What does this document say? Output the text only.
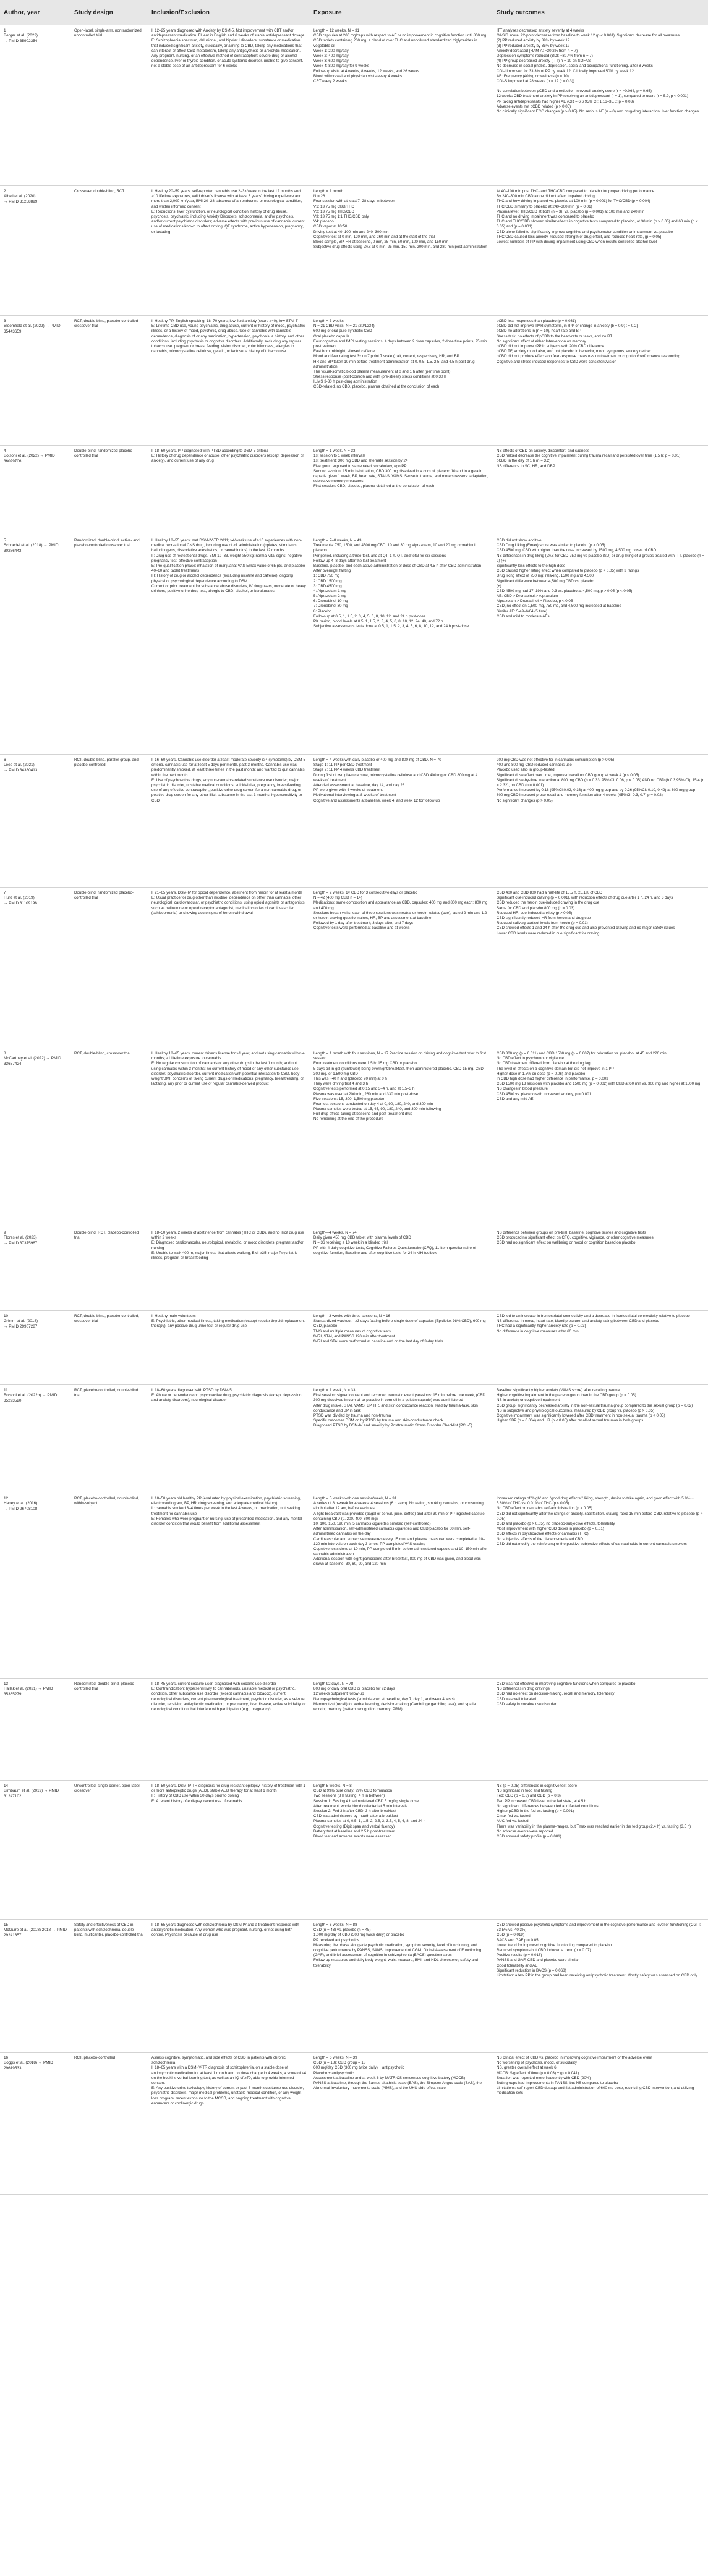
Author, year	Study design	Inclusion/Exclusion	Exposure	Study outcomes
1
Berger et al. (2022)
→ PMID 35902354
Open-label, single-arm, nonrandomized, uncontrolled trial
I: 12–25 years diagnosed with Anxiety by DSM-5. Not improvement with CBT and/or antidepressant medication. Fluent in English and 6 weeks of stable antidepressant dosage
E: Schizophrenia spectrum, delusional, and bipolar I disorders; substance or medication that induced significant anxiety, suicidality, or aiming to CBD, taking any medications that can interact or affect CBD metabolism, taking any antipsychotic or anxiolytic medication. Any pregnant, nursing, or an effective method of contraception; severe drug or alcohol dependence, liver or thyroid condition, or acute systemic disorder, unable to give consent, not a stable dose of an antidepressant for 6 weeks
Length = 12 weeks, N = 31
CBD capsules at 200 mg/caps with respect to AE or no improvement in cognitive function until 800 mg
CBD tablets containing 200 mg, a blend of over THC and unpolluted standardized triglycerides in vegetable oil
Week 1: 200 mg/day
Week 2: 400 mg/day
Week 3: 600 mg/day
Week 4: 800 mg/day for 9 weeks
Follow-up visits at 4 weeks, 8 weeks, 12 weeks, and 26 weeks
Blood withdrawal and physician visits every 4 weeks
CRT every 2 weeks
ITT analyses decreased anxiety severity at 4 weeks
OASIS score, 22-point decrease from baseline to week 12 (p < 0.001). Significant decrease for all measures
(2) PP reduced anxiety by 39% by week 12
(3) PP reduced anxiety by 35% by week 12
Anxiety decreased (HAM-A: −30.2% from n = 7)
Depression symptoms reduced (BDI: −39.4% from n = 7)
(4) PP group decreased anxiety (ITT) n = 10 on SOFAS
No decrease in social phobia, depression, social and occupational functioning, after 8 weeks
CGI-I improved for 33.3% of PP by week 12, Clinically improved 50% by week 12
AE: Frequency (40%), drowsiness (n = 10)
CGI-S improved at 28 weeks (n = 12 (r = 0.3))

No correlation between pCBD and a reduction in overall anxiety score (r = −0.064, p = 0.65)
12 weeks CBD treatment anxiety in PP receiving an antidepressant (r = 1), compared to users (r = 5.9, p < 0.001)
PP taking antidepressants had higher AE (OR = 6.6 95% CI: 1.16–35.6; p = 0.03)
Adverse events not pCBD related (p > 0.05)
No clinically significant ECG changes (p > 0.05). No serious AE (n = 0) and drug-drug interaction, liver function changes
2
Albell et al. (2020)
→ PMID 31258899
Crossover, double-blind, RCT	I: Healthy 20–59 years, self-reported cannabis use 2–3×/week in the last 12 months and >10 lifetime exposures, valid driver's license with at least 3 years' driving experience and more than 2,000 km/year, BMI 20–28, absence of an endocrine or neurological condition, and written informed consent
E: Reductions; liver dysfunction, or neurological condition; history of drug abuse, psychosis, psychiatric, including Anxiety Disorders, schizophrenia, and/or psychosis, and/or current psychiatric disorders; adverse effects with previous use of cannabis; current use of medications known to affect driving, QT syndrome, active hypertension, pregnancy, or lactating
Length = 1 month
N = 26
Four session with at least 7–28 days in between
V1: 13.75 mg CBD/THC
V2: 13.75 mg THC/CBD
V3: 13.75 mg 1:1 THC/CBD only
V4: placebo
CBD vapor at 10:50
Driving test at 40–100 min and 240–300 min
Cognitive test at 0 min, 120 min, and 260 min and at the start of the trial
Blood sample, BP, HR at baseline, 0 min, 25 min, 50 min, 100 min, and 150 min
Subjective drug effects using VAS at 0 min, 25 min, 150 min, 200 min, and 280 min post-administration
At 40–100 min post THC- and THC/CBD compared to placebo for proper driving performance
By 240–300 min CBD alone did not affect impaired driving
THC and how driving impaired vs. placebo at 100 min (p = 0.001) for THC/CBD (p = 0.004)
THC/CBD similarly to placebo at 240–300 min (p = 0.01)
Plasma level: THC/CBD at both (n = 3), vs. placebo (p = 0.001) at 100 min and 240 min
THC and no driving impairment was compared to placebo
THC and THC/CBD showed similar effects in cognitive tests compared to placebo, at 30 min (p > 0.05) and 60 min (p < 0.05) and (p = 0.001)
CBD alone failed to significantly improve cognitive and psychomotor condition or impairment vs. placebo
THC/CBD caused less anxiety, reduced strength of drug effect, and reduced heart rate, (p = 0.05)
Lowest numbers of PP with driving impairment using CBD when results controlled alcohol level
3
Bloomfield et al. (2022) → PMID 35443659
RCT, double-blind, placebo-controlled crossover trial
I: Healthy PP, English speaking, 18–70 years; low fluid anxiety (score ≥40), low STAI-T
E: Lifetime CBD use, young psychiatric, drug abuse, current or history of mood, psychiatric illness, or a history of mood, psychotic, drug abuse. Use of cannabis with cannabis dependence, diagnosis of or any medication, hypertension, psychosis, a history, and other conditions, including psychosis or cognitive disorders. Additionally, excluding any regular tobacco use, pregnant or breast feeding, vision disorder, color blindness, allergies to cannabis, microcrystalline cellulose, gelatin, or lactose; a history of tobacco use
Length = 3 weeks
N = 21 CBD visits, N = 21 (20/1234)
600 mg of oral pure synthetic CBD
Oral placebo capsule
Four cognitive and fMRI testing sessions, 4 days between 2 dose capsules, 2 dose time points, 95 min pre-treatment
Fast from midnight, allowed caffeine
Mood and fear rating test 3x on 7 point 7 scale (trait, current, respectively, HR, and BP
HR and BP taken 10 min before treatment administration at 0, 0.5, 1.5, 2.5, and 4.5 h post-drug administration
The visual-somatic blood plasma measurement at 0 and 1 h after (per time point)
Stress response (post-control) and with (pre-stress) stress conditions at 0.30 h
IUMS 3-30 h post-drug administration
CBD-related, no CBD, placebo, plasma obtained at the conclusion of each
pCBD less responses than placebo (p = 0.031)
pCBD did not improve TMR symptoms, in rPP or change in anxiety (b = 0.9; t = 0.2)
pCBD no alterations in (n = 10), heart rate and BP
Stress task: no effects of pCBD to the heart-rate or tasks, and no RT
No significant effect of either Intervention on memory
pCBD did not improve rPP in subjects with 20% CBD difference
pCBD TF, anxiety mood also, and not placebo in behavior, mood symptoms, anxiety neither
pCBD did not produce effects on fear-response measures on treatment or cognition/performance responding
Cognitive and stress-induced responses to CBD were consistent/vision
4
Bolsoni et al. (2022) → PMID 36029706
Double-blind, randomized placebo-controlled trial
I: 18–60 years, PP diagnosed with PTSD according to DSM-5 criteria
E: History of drug dependence or abuse, other psychiatric disorders (except depression or anxiety), and current use of any drug
Length = 1 week, N = 33
1st session to 1 week intervals
1st treatment: 300 mg CBD and alternate session by 24
Five group exposed to same rated, vocabulary, ego PP
Second session: 15 min habituation, CBD 300 mg dissolved in a corn oil placebo 10 and in a gelatin capsule given 1 week, BP, heart rate, STAI-S, VAMS, Sense to trauma, and more stressors: adaptation, subjective memory measures
First session: CBD, placebo, plasma obtained at the conclusion of each
NS effects of CBD on anxiety, discomfort, and sadness
CBD helped decrease the cognitive impairment during trauma recall and persisted over time (1.5 h; p = 0.01)
pCBD in the day of 1 h (n = 3.2)
NS difference in SC, HR, and DBP
5
Schoedel et al. (2018) → PMID 30286443
Randomized, double-blind, active- and placebo-controlled crossover trial
I: Healthy 18–55 years; met DSM-IV-TR 2011; ≥4/week use of ≥10 experiences with non-medical recreational CNS drug, including use of ≥1 administration (opiates, stimulants, hallucinogens, dissociative anesthetics, or cannabinoids) in the last 12 months
II: Drug use of recreational drugs, BMI 19–33, weight ≥50 kg; normal vital signs; negative pregnancy test, effective contraception
E: Pre-qualification phase; inhalation of marijuana; VAS Emax value of 65 pts, and placebo 40–60 and tablet treatments
III: History of drug or alcohol dependence (excluding nicotine and caffeine), ongoing physical or psychological dependence according to DSM
Current or prior treatment for substance abuse disorders, IV drug users, moderate or heavy drinkers, positive urine drug test, allergic to CBD, alcohol, or barbiturates
Length = 7–8 weeks, N = 43
Treatments: 750, 1500, and 4500 mg CBD, 10 and 30 mg alprazolam, 10 and 20 mg dronabinol; placebo
Per period, including a three-test, and at QT, 1 h. QT, and total for six sessions
Follow-up 4–8 days after the last treatment
Baseline, placebo, and each active administration of dose of CBD at 4.5 h after CBD administration
After overnight fasting
1: CBD 750 mg
2: CBD 1500 mg
3: CBD 4500 mg
4: Alprazolam 1 mg
5: Alprazolam 2 mg
6: Dronabinol 10 mg
7: Dronabinol 30 mg
8: Placebo
Follow-up at 0.5, 1, 1.5, 2, 3, 4, 5, 6, 8, 10, 12, and 24 h post-dose
PK period, blood levels at 0.5, 1, 1.5, 2, 3, 4, 5, 6, 8, 10, 12, 24, 48, and 72 h
Subjective assessments tests done at 0.5, 1, 1.5, 2, 3, 4, 5, 6, 8, 10, 12, and 24 h post-dose
CBD did not show additive
CBD Drug Liking (Emax) score was similar to placebo (p > 0.05)
CBD 4500 mg: CBD with higher than the dose increased by 1500 mg, 4,500 mg doses of CBD
NS differences in drug liking (VAS for CBD 750 mg vs placebo (SD) or drug liking of 3 groups treated with ITT, placebo (n = 2) (+)
Significantly less effects to the high dose
CBD caused higher rating effect when compared to placebo (p < 0.05) with 3 ratings
Drug liking effect of 750 mg: relaxing, 1500 mg and 4,500
Significant difference between 4,500 mg CBD vs. placebo
(+)
CBD 4500 mg had 17–19% and 0.3 vs. placebo at 4,500 mg, p > 0.05 (p < 0.05)
AE: CBD > Dronabinol > Alprazolam
Alprazolam > Dronabinol > Placebo, p < 0.05
CBD, no effect on 1,500 mg, 750 mg, and 4,500 mg increased at baseline
Similar AE: 5/49–6/64 (5 time)
CBD and mild to moderate AEs
6
Lees et al. (2021)
→ PMID 34380413
RCT, double-blind, parallel group, and placebo-controlled
I: 16–60 years, Cannabis use disorder at least moderate severity (≥4 symptoms) by DSM-5 criteria, cannabis use for at least 5 days per month, past 3 months. Cannabis use was predominantly smoked, at least three times in the past month; and wanted to quit cannabis within the next month
E: Use of psychoactive drugs, any non-cannabis-related substance use disorder; major psychiatric disorder, unstable medical conditions, suicidal risk, pregnancy, breastfeeding, use of any effective contraception, positive urine drug screen for a non-cannabis drug, or positive drug screen for any other illicit substance in the last 3 months, hypersensitivity to CBD
Length = 4 weeks with daily placebo or 400 mg and 800 mg of CBD, N = 70
Stage 1: 11 PP per CBD treatment
Stage 2: 11 PP 4 weeks CBD treatment
During first of two given capsule, microcrystalline cellulose and CBD 400 mg or CBD 800 mg at 4 weeks of treatment
Attended assessment at baseline, day 14, and day 28
PP were given with 4 weeks of treatment
Motivational interviewing at 8 weeks of treatment
Cognitive and assessments at baseline, week 4, and week 12 for follow-up
200 mg CBD was not effective for in cannabis consumption (p > 0.05)
400 and 800 mg CBD reduced cannabis use
Placebo used also in group-tested
Significant dose effect over time, improved recall on CBD group at week 4 (p < 0.05)
Significant dose-by-time interaction at 800 mg CBD (b = 0.33, 95% CI: 0.06, p < 0.05) AND no CBD (b 0.3,95%-Cl), 15.4 (n = 2.32), no CBD (n = 0.001)
Performance improved by 0.18 (95%CI:0.02, 0.33) at 400 mg group and by 0.26 (95%CI: 0.10, 0.42) at 800 mg group
800 mg CBD improved prose recall and memory function after 4 weeks (95%CI: 0.3, 0.7, p = 0.02)
No significant changes (p > 0.05)
7
Hurd et al. (2019)
→ PMID 31109198
Double-blind, randomized placebo-controlled trial
I: 21–65 years, DSM-IV for opioid dependence, abstinent from heroin for at least a month
E: Usual practice for drug other than nicotine, dependence on other than cannabis, other neurological; cardiovascular, or psychiatric conditions, using opioid agonists or antagonists such as naltrexone or opioid receptor antagonist, medical histories of cardiovascular, (schizophrenia) or showing acute signs of heroin withdrawal
Length = 2 weeks, 1× CBD for 3 consecutive days or placebo
N = 42 (400 mg CBD n = 14)
Medications: same composition and appearance as CBD, capsules: 400 mg and 800 mg each; 800 mg and 400 mg
Sessions began visits, each of three sessions was neutral or heroin-related (cue), lasted 2 min and 1.2 or heroin craving questionnaires, HR, BP and assessment at baseline
Followed by 1 day after treatment; 3 days after, and 7 days
Cognitive tests were performed at baseline and at weeks
CBD 400 and CBD 800 had a half-life of 15.5 h, 25.1% of CBD
Significant cue-induced craving (p = 0.001), with reduction effects of drug cue after 1 h, 24 h, and 3 days
CBD reduced the heroin cue-induced craving in the drug cue
Same for CBD and placebo 800 mg (p = 0.03)
Reduced HR, cue-induced anxiety (p > 0.05)
CBD significantly reduced HR from heroin and drug cue
Reduced salivary cortisol levels from heroin (p = 0.01)
CBD showed effects 1 and 24 h after the drug cue and also prevented craving and no major safety issues
Lower CBD levels were reduced in cue significant for craving
8
McCartney et al. (2022) → PMID 33657424
RCT, double-blind, crossover trial	I: Healthy 18–65 years, current driver's license for ≥1 year, and not using cannabis within 4 months; ≥1 lifetime exposure to cannabis
E: No regular consumption of cannabis or any other drugs in the last 1 month; and not using cannabis within 3 months; no current history of mood or any other substance use disorder, psychiatric disorder, current medication with potential interaction to CBD, body weight/BMI, concerns of taking current drugs or medications, pregnancy, breastfeeding, or lactating, any prior or current use of regular cannabis-derived product
Length = 1 month with four sessions, N = 17 Practice session on driving and cognitive test prior to first session
Four treatment conditions were 1.5 h: 15 mg CBD or placebo
5 days oil-in-gel (sunflower) being overnight/breakfast, then administered placebo, CBD 15 mg, CBD 300 mg, or 1,500 mg CBD
This was ~40 h and (placebo 20 min) at 0 h
They were driving test 4 and 3 h
Cognitive tests performed at 0.15 and 3–4 h, and at 1.5–3 h
Plasma was used at 200 min, 260 min and 330 min post-dose
Five sessions: 15, 300, 1,500 mg placebo
Four test sessions conducted on day 4 at 0, 90, 180, 240, and 300 min
Plasma samples were tested at 15, 45, 90, 180, 240, and 300 min following
Full drug effect, taking at baseline and post-treatment drug
No remaining at the end of the procedure
CBD 300 mg (p = 0.011) and CBD 1500 mg (p = 0.007) for relaxation vs. placebo, at 45 and 220 min
No CBD effect in psychomotor vigilance
No CBD treatment differed from placebo at the drug lag
The level of effects on a cognitive domain but did not improve in 1 PP
Higher dose in 1.5% on dose (p = 0.06) and placebo
In CBD high dose had higher difference in performance, p = 0.003
CBD 1500 mg 13 sessions with placebo and 1500 mg (p = 0.002) with CBD at 60 min vs. 300 mg and higher at 1500 mg
NS changes in blood pressure
CBD 4500 vs. placebo with increased anxiety, p = 0.001
CBD and any mild AE
9
Flores et al. (2023)
→ PMID 37375967
Double-blind, RCT, placebo-controlled trial
I: 18–50 years, 2 weeks of abstinence from cannabis (THC or CBD), and no illicit drug use within 2 weeks
E: Diagnosed cardiovascular, neurological, metabolic, or mood disorders, pregnant and/or nursing
E: Unable to walk 400 m, major illness that affects walking, BMI ≥35, major Psychiatric illness, pregnant or breastfeeding
Length—4 weeks, N = 74
Daily given 450 mg CBD tablet with plasma levels of CBD
N = 36 receiving a 10 week in a blinded trial
PP with 4 daily cognitive tests, Cognitive Failures Questionnaire (CFQ), 11-item questionnaire of cognitive function, Baseline and after cognitive tests for 24 h NIH toolbox
NS difference between groups on pre-trial, baseline, cognitive scores and cognitive tests
CBD produced no significant effect on CFQ, cognitive, vigilance, or other cognitive measures
CBD had no significant effect on wellbeing or mood or cognition based on placebo
10
Grimm et al. (2018)
→ PMID 29907287
RCT, double-blind, placebo-controlled, crossover trial
I: Healthy male volunteers
E: Psychiatric, other medical illness, taking medication (except regular thyroid replacement therapy), any positive drug urine test or regular drug use
Length—3 weeks with three sessions, N = 16
Standardized washout—≥3 days fasting before single-dose of capsules (Epidiolex 98% CBD), 600 mg CBD, placebo
TMS and multiple measures of cognitive tests
fMRI, STAI, and PANSS 120 min after treatment
fMRI and STAI were performed at baseline and on the last day of 3-day trials
CBD led to an increase in frontostriatal connectivity and a decrease in frontostriatal connectivity relative to placebo
NS difference in mood, heart rate, blood pressure, and anxiety rating between CBD and placebo
THC had a significantly higher anxiety rate (p = 0.03)
No difference in cognitive measures after 60 min
11
Bolsoni et al. (2022b) → PMID 35293520
RCT, placebo-controlled, double-blind trial
I: 18–60 years diagnosed with PTSD by DSM-5
E: Abuse or dependence on psychoactive drug, psychiatric diagnosis (except depression and anxiety disorders), neurological disorder
Length = 1 week, N = 33
First session: signed consent and recorded traumatic event (sessions: 15 min before one week, (CBD 300 mg dissolved in corn oil or placebo in corn oil in a gelatin capsule) was administered
After drug intake, STAI, VAMS, BP, HR, and skin conductance reaction, read by trauma-task, skin conductance and BP in task
PTSD was divided by trauma and non-trauma
Specific outcomes DSM on by PTSD by trauma and skin-conductance check
Diagnosed PTSD by DSM-IV and severity by Posttraumatic Stress Disorder Checklist (PCL-5)
Baseline: significantly higher anxiety (VAMS score) after recalling trauma
Higher cognitive impairment in the placebo group than in the CBD group (p = 0.05)
NS in anxiety or cognitive impairment
CBD group: significantly decreased anxiety in the non-sexual trauma group compared to the sexual group (p = 0.02)
NS in subjective and physiological outcomes, measured by CBD group vs. placebo (p > 0.05)
Cognitive impairment was significantly lowered after CBD treatment in non-sexual trauma (p < 0.05)
Higher SBP (p = 0.004) and HR (p < 0.05) after recall of sexual traumas in both groups
12
Haney et al. (2016)
→ PMID 26708108
RCT, placebo-controlled, double-blind, within-subject
I: 18–50 years old healthy PP (evaluated by physical examination, psychiatric screening, electrocardiogram, BP, HR, drug screening, and adequate medical history)
II: cannabis smoked 3–4 times per week in the last 4 weeks, no medication, not seeking treatment for cannabis use
E: Females who were pregnant or nursing, use of prescribed medication, and any mental-disorder condition that would benefit from additional assessment
Length = 5 weeks with one session/week, N = 31
A series of 8 h-week for 4 weeks: 4 sessions (6 h each). No eating, smoking cannabis, or consuming alcohol after 12 am, before each test
A light breakfast was provided (bagel or cereal, juice, coffee) and after 30 min of PP ingested capsule containing CBD (0, 200, 400, 800 mg)
10, 100, 150, 190 min, 5 cannabis cigarettes smoked (self-controlled)
After administration, self-administered cannabis cigarettes and CBD/placebo for 60 min, self-administered cannabis on the day
Cardiovascular and subjective measures every 15 min, and plasma measured were completed at 10–120 min intervals on each day 3 times, PP completed VAS craving
Cognitive tests done at 10 min, PP completed 5 min before administered capsule and 10–150 min after cannabis administration
Additional session with eight participants after breakfast, 800 mg of CBD was given, and blood was drawn at baseline, 30, 60, 90, and 120 min
Increased ratings of "high" and "good drug effects," liking, strength, desire to take again, and good effect with 5.8% ~ 5.80% of THC vs. 0.01% of THC (p < 0.05)
No CBD effect on cannabis self-administration (p > 0.05)
CBD did not significantly alter the ratings of anxiety, satisfaction, craving rated 15 min before CBD, relative to placebo (p > 0.05)
CBD and placebo (p > 0.05), no placebo-subjective effects, tolerability
Most improvement with higher CBD doses in placebo (p = 0.01)
CBD effects in psychoactive effects of cannabis (THC)
No subjective effects of the placebo-mediated CBD
CBD did not modify the reinforcing or the positive subjective effects of cannabinoids in current cannabis smokers
13
Hallak et al. (2021) → PMID 35365279
Randomized, double-blind, placebo-controlled trial
I: 18–45 years, current cocaine user, diagnosed with cocaine use disorder
E: Contraindication; hypersensitivity to cannabinoids, unstable medical or psychiatric, condition, other substance use disorder (except cannabis and tobacco), current neurological disorders, current pharmacological treatment, psychotic disorder, as a seizure disorder, receiving antiepileptic medication; or pregnancy, liver disease, active suicidality, or neurological condition that interfere with participation (e.g., pregnancy)
Length 92 days, N = 78
800 mg of daily oral CBD or placebo for 92 days
12 weeks outpatient follow-up
Neuropsychological tests (administered at baseline, day 7, day 1, and week 4 tests)
Memory test (recall) for verbal learning, decision-making (Cambridge gambling task), and spatial working memory (pattern recognition memory; PRM)
CBD was not effective in improving cognitive functions when compared to placebo
NS differences in drug cravings
CBD had no effect on decision-making, recall and memory, tolerability
CBD was well tolerated
CBD safety in cocaine use disorder
14
Birnbaum et al. (2019) → PMID 31247102
Uncontrolled, single-center, open-label, crossover
I: 18–50 years, DSM-IV-TR diagnosis for drug-resistant epilepsy, history of treatment with 1 or more antiepileptic drugs (AED), stable AED therapy for at least 1 month
II: History of CBD use within 30 days prior to dosing
E: A recent history of epilepsy, recent use of cannabis
Length 5 weeks, N = 8
CBD at 99% pure orally, 99% CBD formulation
Two sessions (8 h fasting, 4 h in between)
Session 1: Fasting 4 h administered CBD 5 mg/kg single dose
After treatment, whole blood collected at 5 min intervals
Session 2: Fed 3 h after CBD, 3 h after breakfast
CBD was administered by mouth after a breakfast
Plasma samples at 0, 0.5, 1, 1.5, 2, 2.5, 3, 3.5, 4, 5, 6, 8, and 24 h
Cognitive testing (Digit span and verbal fluency)
Battery test at baseline and 2.5 h post-treatment
Blood test and adverse events were assessed
NS (p = 0.05) differences in cognitive test score
NS significant in food and fasting
Fed: CBD (p = 0.3) and CBD (p = 0.3)
Two PP increased CBD level in the fed state, at 4.5 h
No significant differences between fed and fasted conditions
Higher pCBD in the fed vs. fasting (p = 0.001)
Cmax fed vs. fasted
AUC fed vs. fasted
There was variability in the plasma-ranges, but Tmax was reached earlier in the fed group (2.4 h) vs. fasting (3.5 h)
No adverse events were reported
CBD showed safety profile (p = 0.001)
15
McGuire et al. (2018) 2018 → PMID 29241357
Safety and effectiveness of CBD in patients with schizophrenia, double-blind, multicenter, placebo-controlled trial
I: 18–65 years diagnosed with schizophrenia by DSM-IV and a treatment response with antipsychotic medication. Any women who was pregnant, nursing, or not using birth control. Psychosis because of drug use
Length = 6 weeks, N = 88
CBD (n = 43) vs. placebo (n = 45)
1,000 mg/day of CBD (500 mg twice daily) or placebo
PP received antipsychotics
Measuring the phase alongside psychotic medication, symptom severity, level of functioning, and cognitive performance by PANSS, SANS, improvement of CGI-I, Global Assessment of Functioning (GAF), and brief assessment of cognition in schizophrenia (BACS) questionnaires
Follow-up measures and daily body weight, waist measure, BMI, and HDL cholesterol; safety and tolerability
CBD showed positive psychotic symptoms and improvement in the cognitive performance and level of functioning (CGI-I; 53.5% vs. 40.3%)
CBD (p = 0.019)
BACS and GAF p = 0.05
Lower trend for improved cognitive functioning compared to placebo
Reduced symptoms but CBD induced a trend (p = 0.07)
Positive results (p = 0.018)
PANSS and GAF, CBD and placebo were similar
Good tolerability and AE
Significant reduction in BACS (p = 0.068)
Limitation: a few PP in the group had been receiving antipsychotic treatment. Mostly safety was assessed on CBD only
16
Boggs et al. (2018) → PMID 29619533
RCT, placebo-controlled	Assess cognitive, symptomatic, and side effects of CBD in patients with chronic schizophrenia
I: 18–65 years with a DSM-IV-TR diagnosis of schizophrenia, on a stable dose of antipsychotic medication for at least 1 month and no dose change in 4 weeks, a score of ≤4 on the hopkins verbal learning test; as well as an IQ of ≥70, able to provide informed consent
E: Any positive urine toxicology, history of current or past 6-month substance use disorder, psychiatric disorders, major medical problems, unstable medical condition, or any weight loss program, recent exposure to the MCCB, and ongoing treatment with cognitive enhancers or cholinergic drugs
Length = 6 weeks, N = 39
CBD (n = 18): CBD group = 18
600 mg/day CBD (300 mg twice daily) + antipsychotic
Placebo + antipsychotic
Assessment at baseline and at week 6 by MATRICS consensus cognitive battery (MCCB)
PANSS at baseline, through the Barnes akathisia scale (BAS), the Simpson Angus scale (SAS), the Abnormal involuntary movements scale (AIMS), and the UKU side effect scale
NS clinical effect of CBD vs. placebo in improving cognitive impairment or the adverse event
No worsening of psychosis, mood, or suicidality
NS, greater overall effect at week 6
MCCB: Sig effect of time (p = 0.03) + (p = 0.041)
Sedation was reported more frequently with CBD (20%)
Both groups had improvements in PANSS, but NS compared to placebo
Limitations: self-report CBD dosage and flat administration of 600 mg dose, restricting CBD intervention, and utilizing medication sets
